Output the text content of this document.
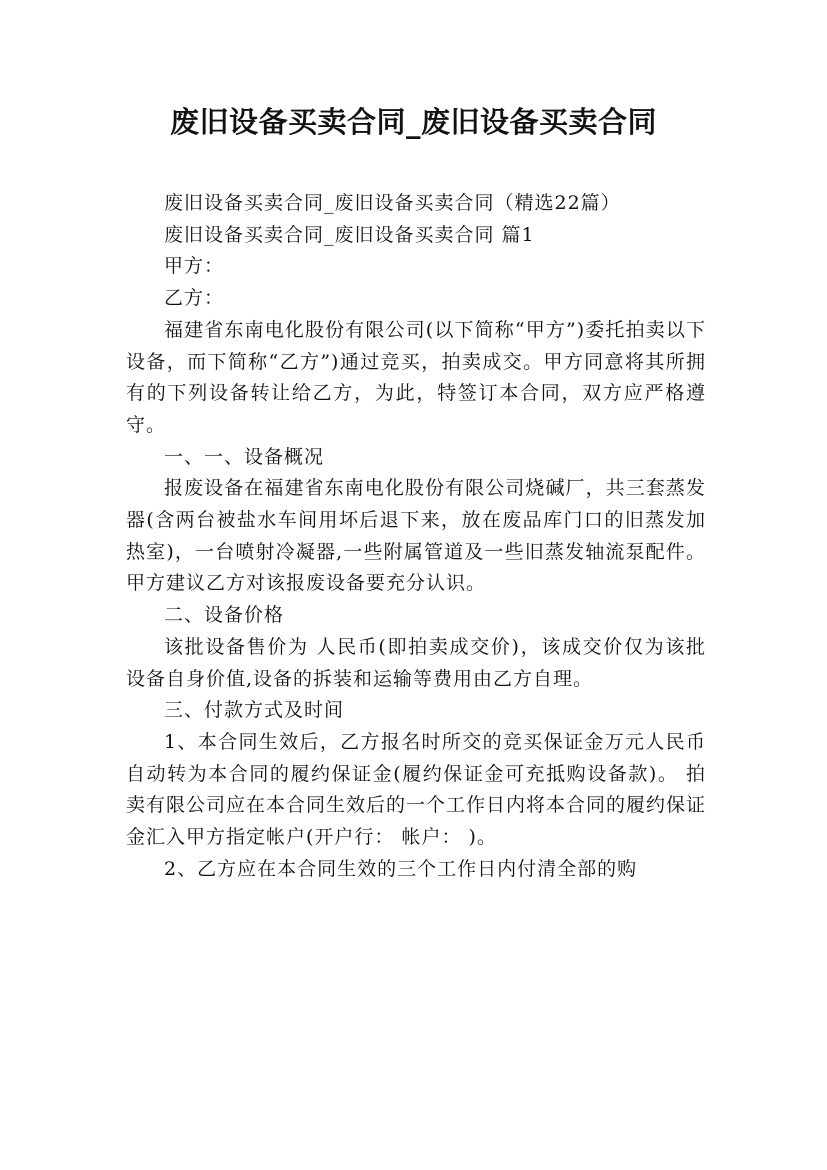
废旧设备买卖合同_废旧设备买卖合同

废旧设备买卖合同_废旧设备买卖合同（精选22篇）

废旧设备买卖合同_废旧设备买卖合同 篇1

甲方：

乙方：

福建省东南电化股份有限公司(以下简称“甲方”)委托拍卖以下设备，而下简称“乙方”)通过竞买，拍卖成交。甲方同意将其所拥有的下列设备转让给乙方，为此，特签订本合同，双方应严格遵守。

一、一、设备概况

报废设备在福建省东南电化股份有限公司烧碱厂，共三套蒸发器(含两台被盐水车间用坏后退下来，放在废品库门口的旧蒸发加热室)，一台喷射冷凝器,一些附属管道及一些旧蒸发轴流泵配件。甲方建议乙方对该报废设备要充分认识。

二、设备价格

该批设备售价为 人民币(即拍卖成交价)，该成交价仅为该批设备自身价值,设备的拆装和运输等费用由乙方自理。

三、付款方式及时间

1、本合同生效后，乙方报名时所交的竞买保证金万元人民币自动转为本合同的履约保证金(履约保证金可充抵购设备款)。 拍卖有限公司应在本合同生效后的一个工作日内将本合同的履约保证金汇入甲方指定帐户(开户行： 帐户： )。

2、乙方应在本合同生效的三个工作日内付清全部的购
